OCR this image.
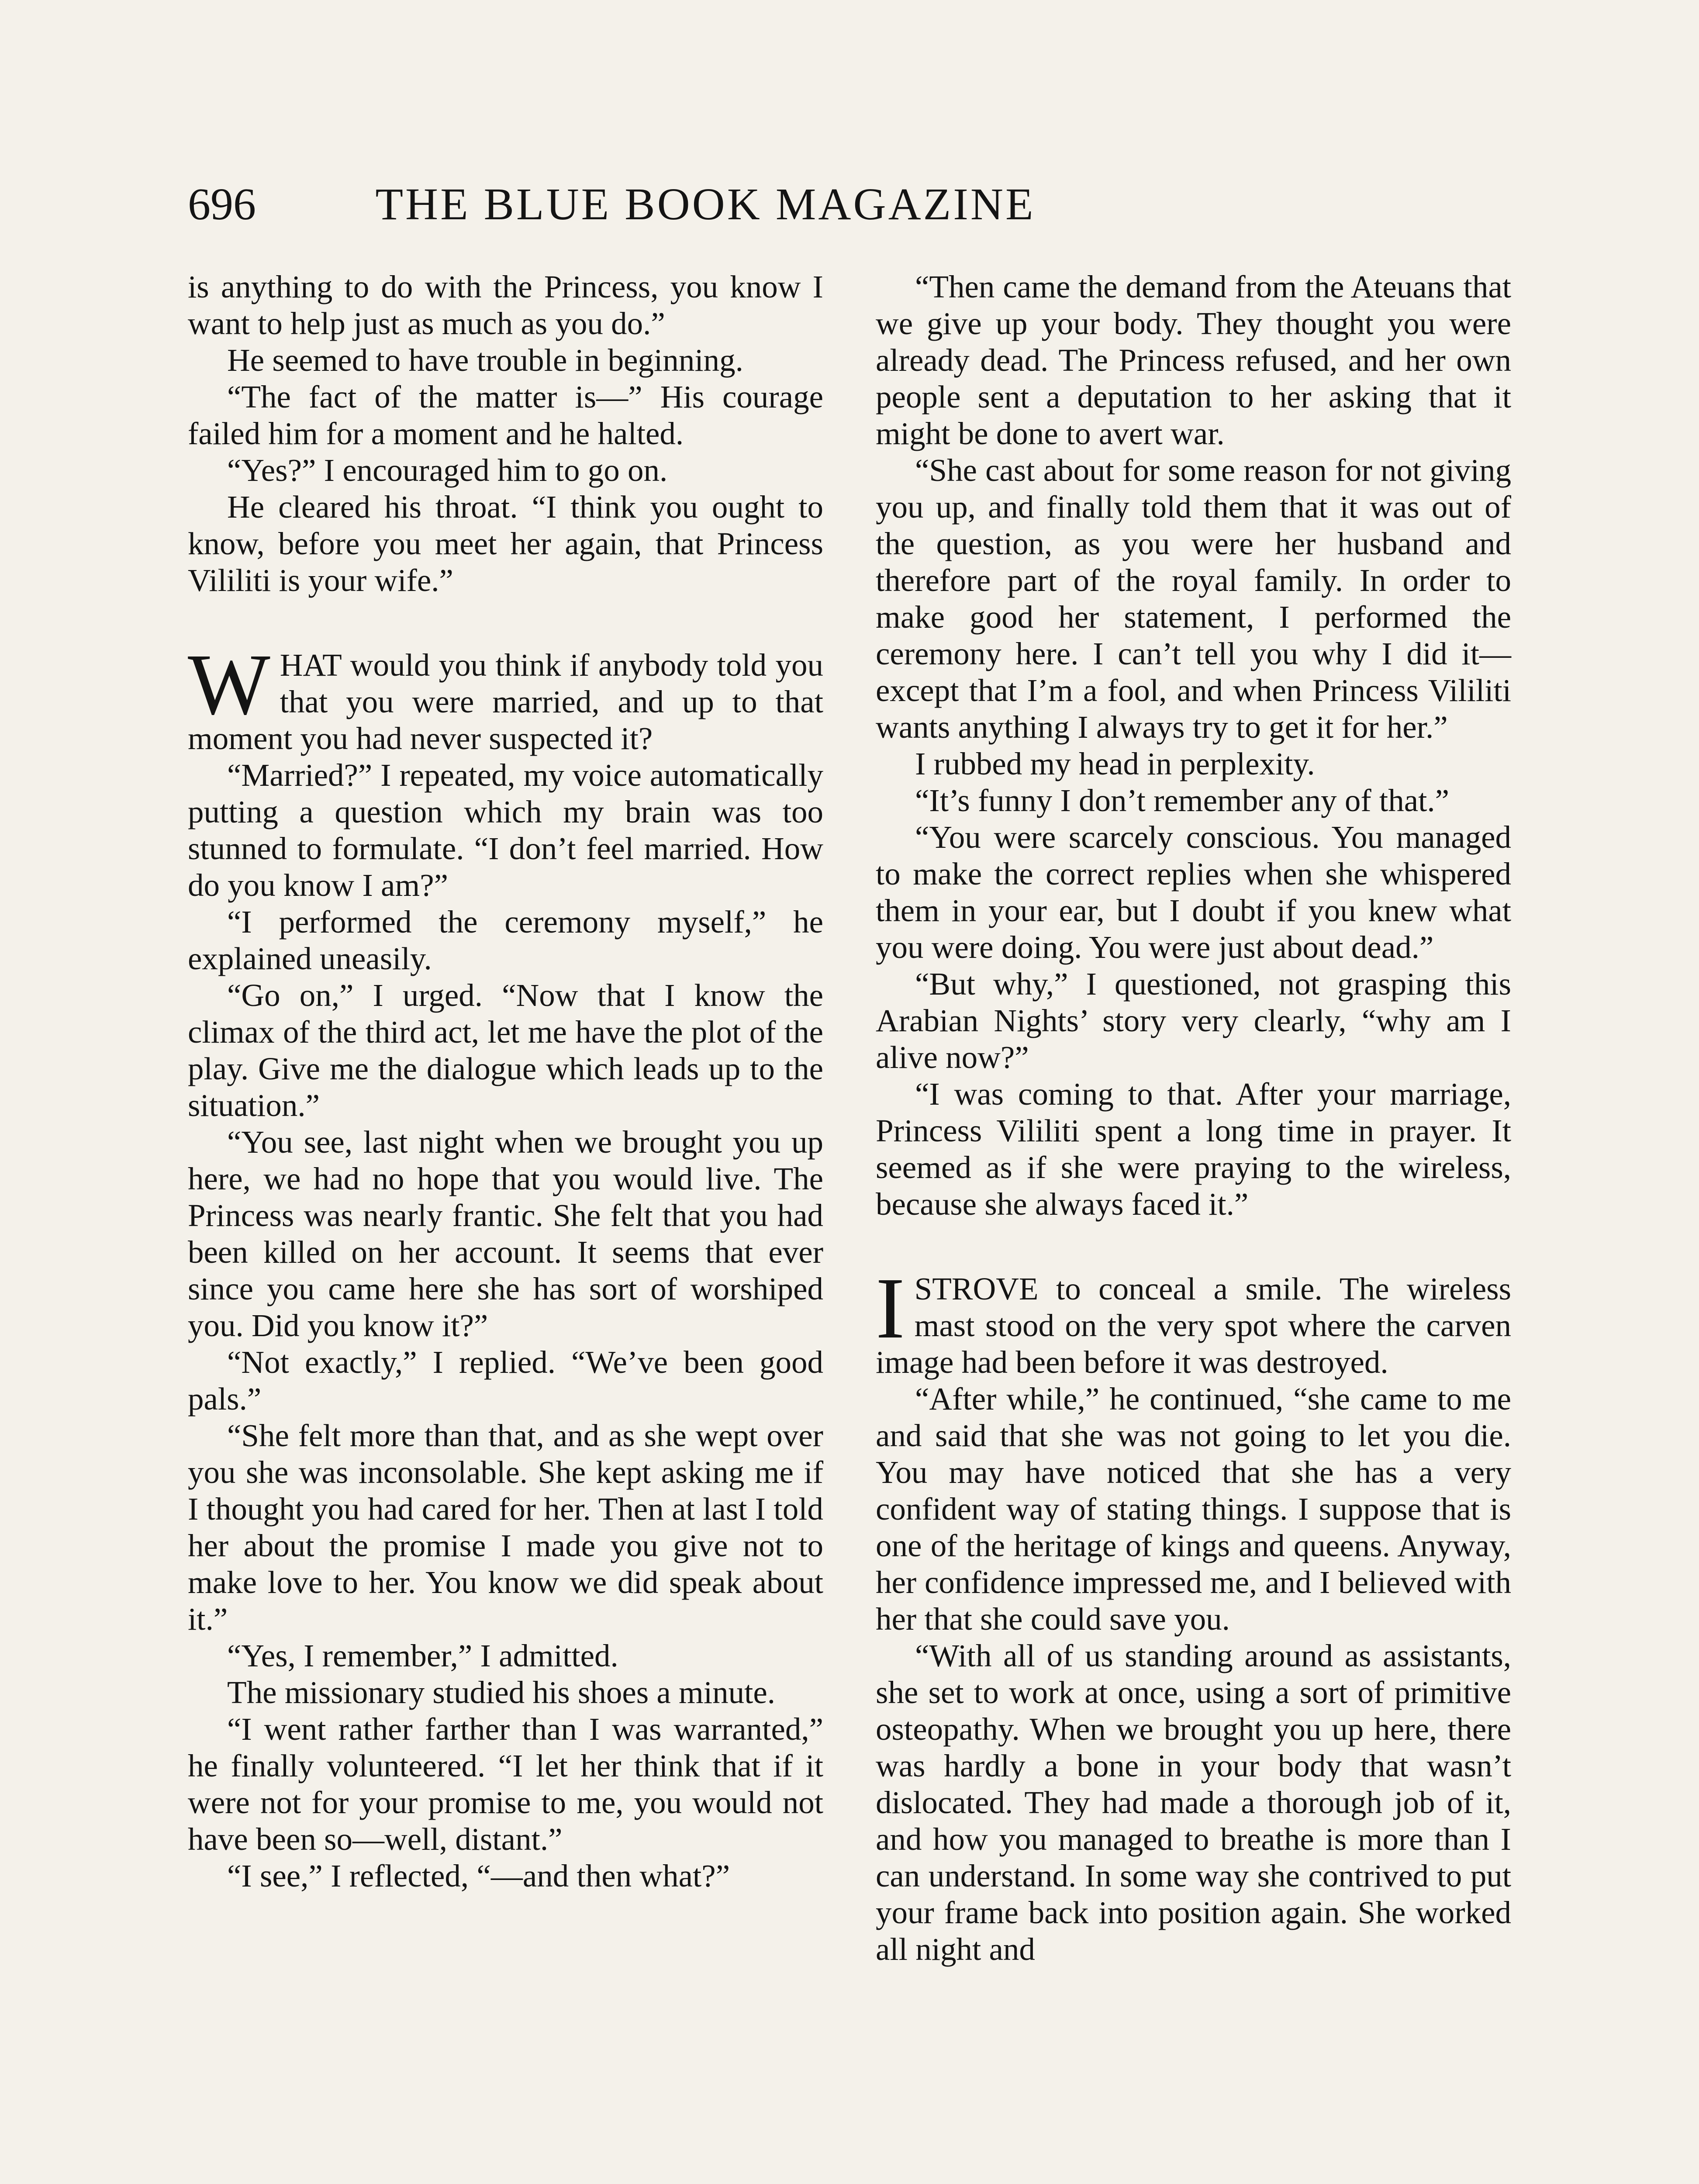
696	THE BLUE BOOK MAGAZINE

is anything to do with the Princess, you know I want to help just as much as you do.”

He seemed to have trouble in beginning.

“The fact of the matter is—” His courage failed him for a moment and he halted.

“Yes?” I encouraged him to go on.

He cleared his throat. “I think you ought to know, before you meet her again, that Princess Vililiti is your wife.”

WHAT would you think if anybody told you that you were married, and up to that moment you had never suspected it?

“Married?” I repeated, my voice automatically putting a question which my brain was too stunned to formulate. “I don’t feel married. How do you know I am?”

“I performed the ceremony myself,” he explained uneasily.

“Go on,” I urged. “Now that I know the climax of the third act, let me have the plot of the play. Give me the dialogue which leads up to the situation.”

“You see, last night when we brought you up here, we had no hope that you would live. The Princess was nearly frantic. She felt that you had been killed on her account. It seems that ever since you came here she has sort of worshiped you. Did you know it?”

“Not exactly,” I replied. “We’ve been good pals.”

“She felt more than that, and as she wept over you she was inconsolable. She kept asking me if I thought you had cared for her. Then at last I told her about the promise I made you give not to make love to her. You know we did speak about it.”

“Yes, I remember,” I admitted.

The missionary studied his shoes a minute.

“I went rather farther than I was warranted,” he finally volunteered. “I let her think that if it were not for your promise to me, you would not have been so—well, distant.”

“I see,” I reflected, “—and then what?”

“Then came the demand from the Ateuans that we give up your body. They thought you were already dead. The Princess refused, and her own people sent a deputation to her asking that it might be done to avert war.

“She cast about for some reason for not giving you up, and finally told them that it was out of the question, as you were her husband and therefore part of the royal family. In order to make good her statement, I performed the ceremony here. I can’t tell you why I did it—except that I’m a fool, and when Princess Vililiti wants anything I always try to get it for her.”

I rubbed my head in perplexity.

“It’s funny I don’t remember any of that.”

“You were scarcely conscious. You managed to make the correct replies when she whispered them in your ear, but I doubt if you knew what you were doing. You were just about dead.”

“But why,” I questioned, not grasping this Arabian Nights’ story very clearly, “why am I alive now?”

“I was coming to that. After your marriage, Princess Vililiti spent a long time in prayer. It seemed as if she were praying to the wireless, because she always faced it.”

ISTROVE to conceal a smile. The wireless mast stood on the very spot where the carven image had been before it was destroyed.

“After while,” he continued, “she came to me and said that she was not going to let you die. You may have noticed that she has a very confident way of stating things. I suppose that is one of the heritage of kings and queens. Anyway, her confidence impressed me, and I believed with her that she could save you.

“With all of us standing around as assistants, she set to work at once, using a sort of primitive osteopathy. When we brought you up here, there was hardly a bone in your body that wasn’t dislocated. They had made a thorough job of it, and how you managed to breathe is more than I can understand. In some way she contrived to put your frame back into position again. She worked all night and
